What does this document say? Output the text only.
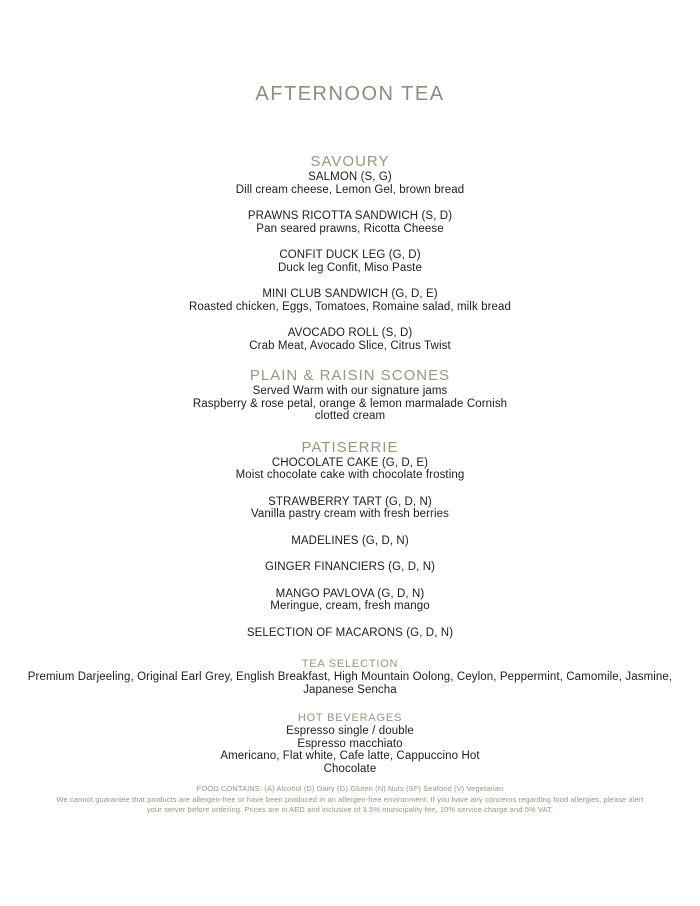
AFTERNOON TEA
SAVOURY
SALMON (S, G)
Dill cream cheese, Lemon Gel, brown bread
PRAWNS RICOTTA SANDWICH (S, D)
Pan seared prawns, Ricotta Cheese
CONFIT DUCK LEG (G, D)
Duck leg Confit, Miso Paste
MINI CLUB SANDWICH (G, D, E)
Roasted chicken, Eggs, Tomatoes, Romaine salad, milk bread
AVOCADO ROLL (S, D)
Crab Meat, Avocado Slice, Citrus Twist
PLAIN & RAISIN SCONES
Served Warm with our signature jams
Raspberry & rose petal, orange & lemon marmalade Cornish
clotted cream
PATISERRIE
CHOCOLATE CAKE (G, D, E)
Moist chocolate cake with chocolate frosting
STRAWBERRY TART (G, D, N)
Vanilla pastry cream with fresh berries
MADELINES (G, D, N)
GINGER FINANCIERS (G, D, N)
MANGO PAVLOVA (G, D, N)
Meringue, cream, fresh mango
SELECTION OF MACARONS (G, D, N)
TEA SELECTION
Premium Darjeeling, Original Earl Grey, English Breakfast, High Mountain Oolong, Ceylon, Peppermint, Camomile, Jasmine,
Japanese Sencha
HOT BEVERAGES
Espresso single / double
Espresso macchiato
Americano, Flat white, Cafe latte, Cappuccino Hot
Chocolate
FOOD CONTAINS: (A) Alcohol (D) Dairy (G) Gluten (N) Nuts (SF) Seafood (V) Vegetarian
We cannot guarantee that products are allergen-free or have been produced in an allergen-free environment. If you have any concerns regarding food allergies, please alert
your server before ordering. Prices are in AED and inclusive of 3.5% municipality fee, 10% service charge and 5% VAT.
